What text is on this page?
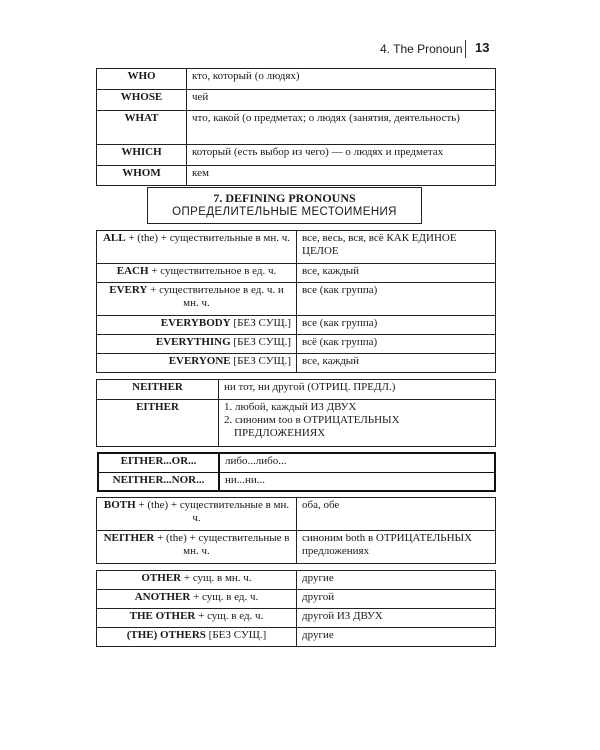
4. The Pronoun 13
WHO	кто, который (о людях)
WHOSE	чей
WHAT	что, какой (о предметах; о людях (занятия, деятельность)
WHICH	который (есть выбор из чего) — о людях и предметах
WHOM	кем
7. DEFINING PRONOUNS
ОПРЕДЕЛИТЕЛЬНЫЕ МЕСТОИМЕНИЯ
ALL + (the) + существительные в мн. ч.	все, весь, вся, всё КАК ЕДИНОЕ ЦЕЛОЕ
EACH + существительное в ед. ч.	все, каждый
EVERY + существительное в ед. ч. и мн. ч.	все (как группа)
EVERYBODY [БЕЗ СУЩ.]	все (как группа)
EVERYTHING [БЕЗ СУЩ.]	всё (как группа)
EVERYONE [БЕЗ СУЩ.]	все, каждый
NEITHER	ни тот, ни другой (ОТРИЦ. ПРЕДЛ.)
EITHER	1. любой, каждый ИЗ ДВУХ
2. синоним too в ОТРИЦАТЕЛЬНЫХ ПРЕДЛОЖЕНИЯХ
EITHER...OR...	либо...либо...
NEITHER...NOR...	ни...ни...
BOTH + (the) + существительные в мн. ч.	оба, обе
NEITHER + (the) + существительные в мн. ч.	синоним both в ОТРИЦАТЕЛЬНЫХ предложениях
OTHER + сущ. в мн. ч.	другие
ANOTHER + сущ. в ед. ч.	другой
THE OTHER + сущ. в ед. ч.	другой ИЗ ДВУХ
(THE) OTHERS [БЕЗ СУЩ.]	другие
